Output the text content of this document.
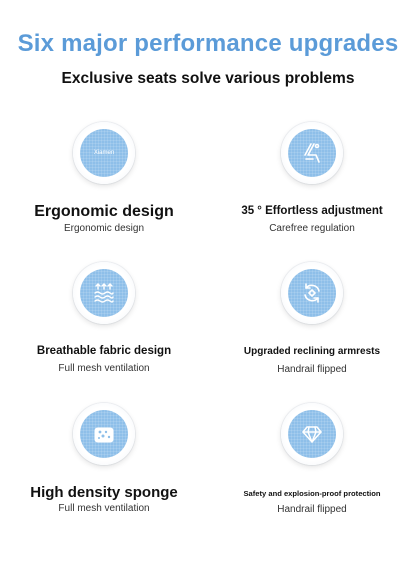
Six major performance upgrades
Exclusive seats solve various problems
Xiamen

Ergonomic design

Ergonomic design

35 ° Effortless adjustment

Carefree regulation

Breathable fabric design

Full mesh ventilation

Upgraded reclining armrests

Handrail flipped

High density sponge

Full mesh ventilation

Safety and explosion-proof protection

Handrail flipped
